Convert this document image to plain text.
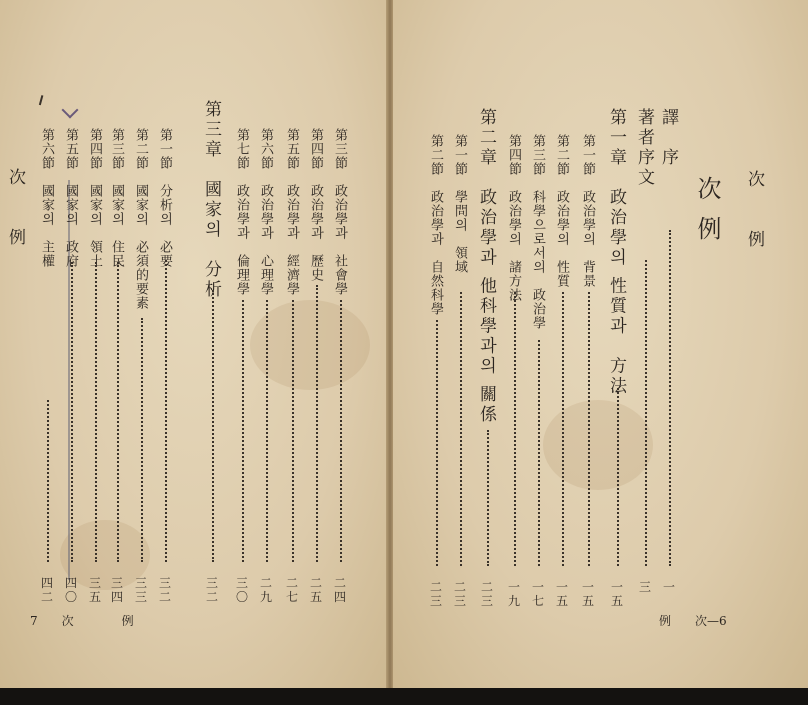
次　　例	第三節　政治學과　社會學
二四
第四節　政治學과　歷史
二五
第五節　政治學과　經濟學
二七
第六節　政治學과　心理學
二九
第七節　政治學과　倫理學
三〇
第三章　國家의　分析
三二
第一節　分析의　必要
三二
第二節　國家의　必須的要素
三三
第三節　國家의　住民
三四
第四節　國家의　領土
三五
第五節　國家의　政府
四〇
第六節　國家의　主權
四二
7　　次　　　　例
次　　例
次例
譯　序
一
著者序文
三
第一章　政治學의 性質과　方法
一五
第一節　政治學의　背景
一五
第二節　政治學의　性質
一五
第三節　科學으로서의　政治學
一七
第四節　政治學의　諸方法
一九
第二章　政治學과 他科學과의 關係
二三
第一節　學問의　領域
二三
第二節　政治學과　自然科學
二三
例　　次—6
